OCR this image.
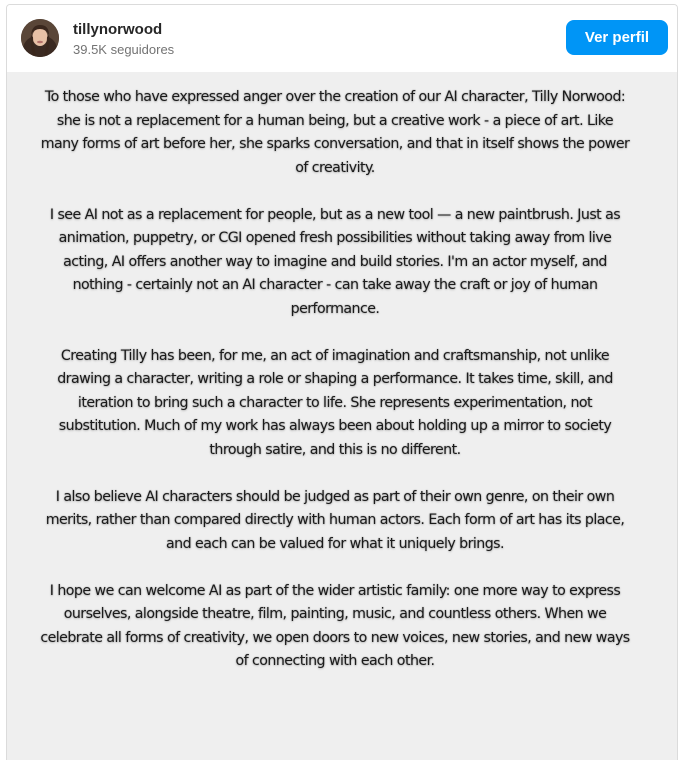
tillynorwood
39.5K seguidores
Ver perfil

To those who have expressed anger over the creation of our AI character, Tilly Norwood: she is not a replacement for a human being, but a creative work - a piece of art. Like many forms of art before her, she sparks conversation, and that in itself shows the power of creativity.

I see AI not as a replacement for people, but as a new tool — a new paintbrush. Just as animation, puppetry, or CGI opened fresh possibilities without taking away from live acting, AI offers another way to imagine and build stories. I'm an actor myself, and nothing - certainly not an AI character - can take away the craft or joy of human performance.

Creating Tilly has been, for me, an act of imagination and craftsmanship, not unlike drawing a character, writing a role or shaping a performance. It takes time, skill, and iteration to bring such a character to life. She represents experimentation, not substitution. Much of my work has always been about holding up a mirror to society through satire, and this is no different.

I also believe AI characters should be judged as part of their own genre, on their own merits, rather than compared directly with human actors. Each form of art has its place, and each can be valued for what it uniquely brings.

I hope we can welcome AI as part of the wider artistic family: one more way to express ourselves, alongside theatre, film, painting, music, and countless others. When we celebrate all forms of creativity, we open doors to new voices, new stories, and new ways of connecting with each other.
